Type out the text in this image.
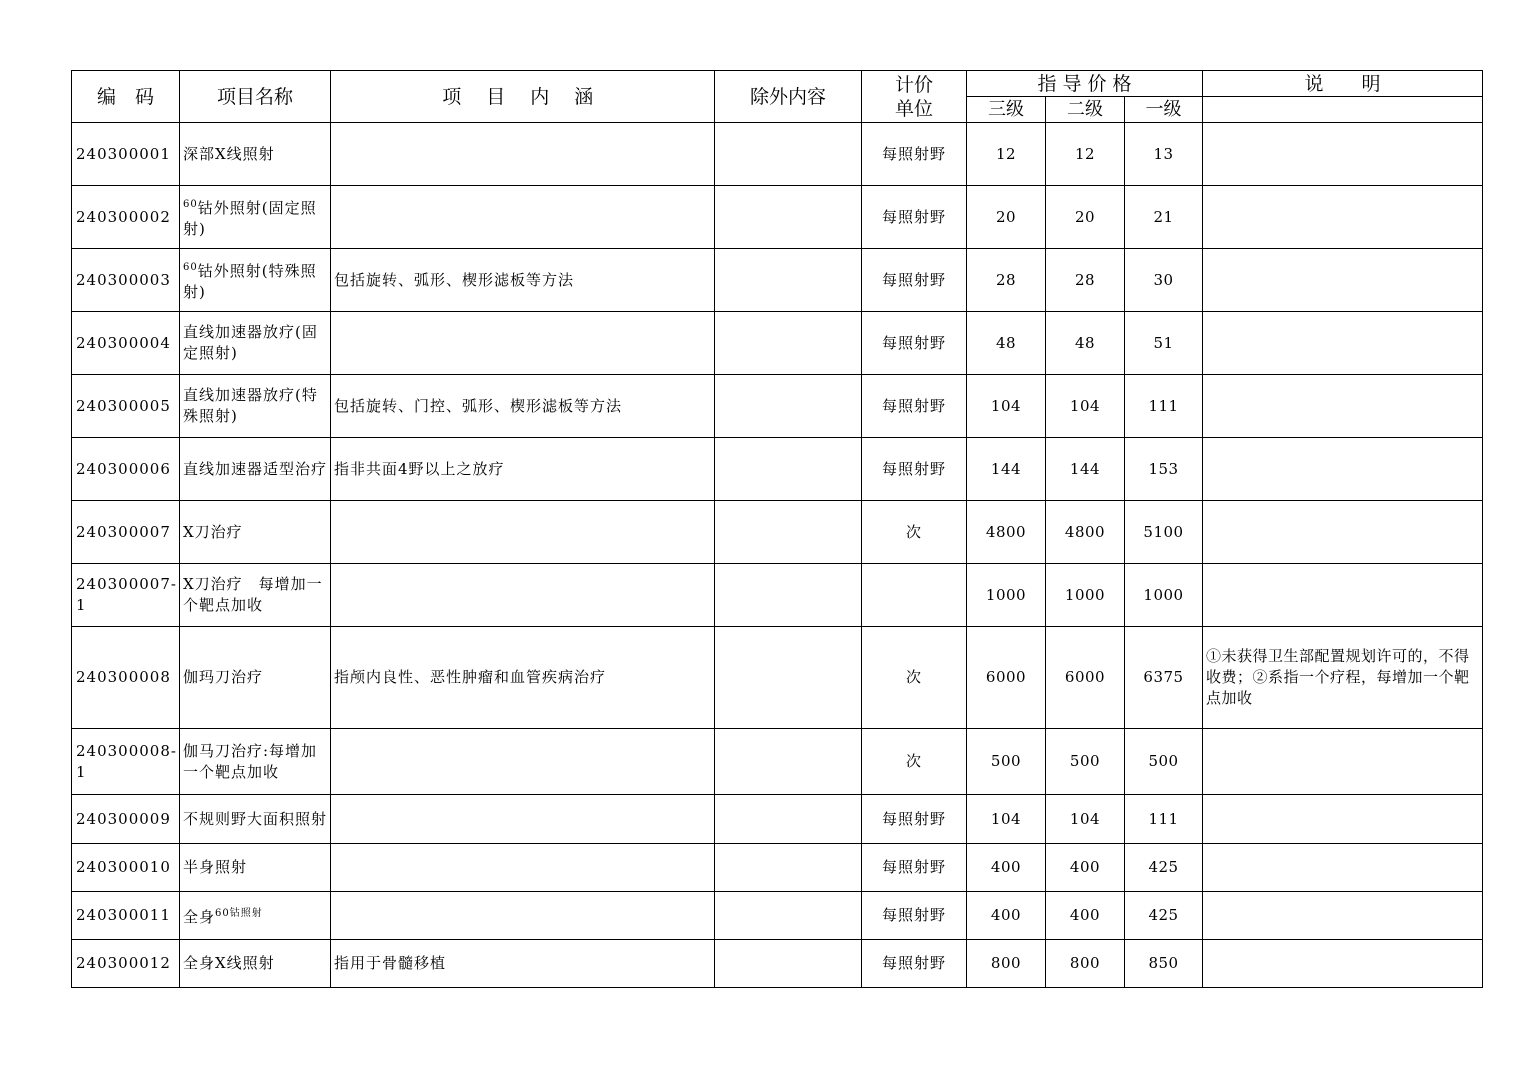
编　码	项目名称	项 目 内 涵	除外内容	计价
单位	指 导 价 格			说　　明
					三级	二级	一级	
240300001	深部X线照射			每照射野	12	12	13	
240300002	$^{60}$钴外照射(固定照射)			每照射野	20	20	21	
240300003	$^{60}$钴外照射(特殊照射)	包括旋转、弧形、楔形滤板等方法		每照射野	28	28	30	
240300004	直线加速器放疗(固定照射)			每照射野	48	48	51	
240300005	直线加速器放疗(特殊照射)	包括旋转、门控、弧形、楔形滤板等方法		每照射野	104	104	111	
240300006	直线加速器适型治疗	指非共面4野以上之放疗		每照射野	144	144	153	
240300007	X刀治疗			次	4800	4800	5100	
240300007-1	X刀治疗　每增加一个靶点加收				1000	1000	1000	
240300008	伽玛刀治疗	指颅内良性、恶性肿瘤和血管疾病治疗		次	6000	6000	6375	①未获得卫生部配置规划许可的，不得收费；②系指一个疗程，每增加一个靶点加收
240300008-1	伽马刀治疗:每增加一个靶点加收			次	500	500	500	
240300009	不规则野大面积照射			每照射野	104	104	111	
240300010	半身照射			每照射野	400	400	425	
240300011	全身$^{60钴照射}$			每照射野	400	400	425	
240300012	全身X线照射	指用于骨髓移植		每照射野	800	800	850	
